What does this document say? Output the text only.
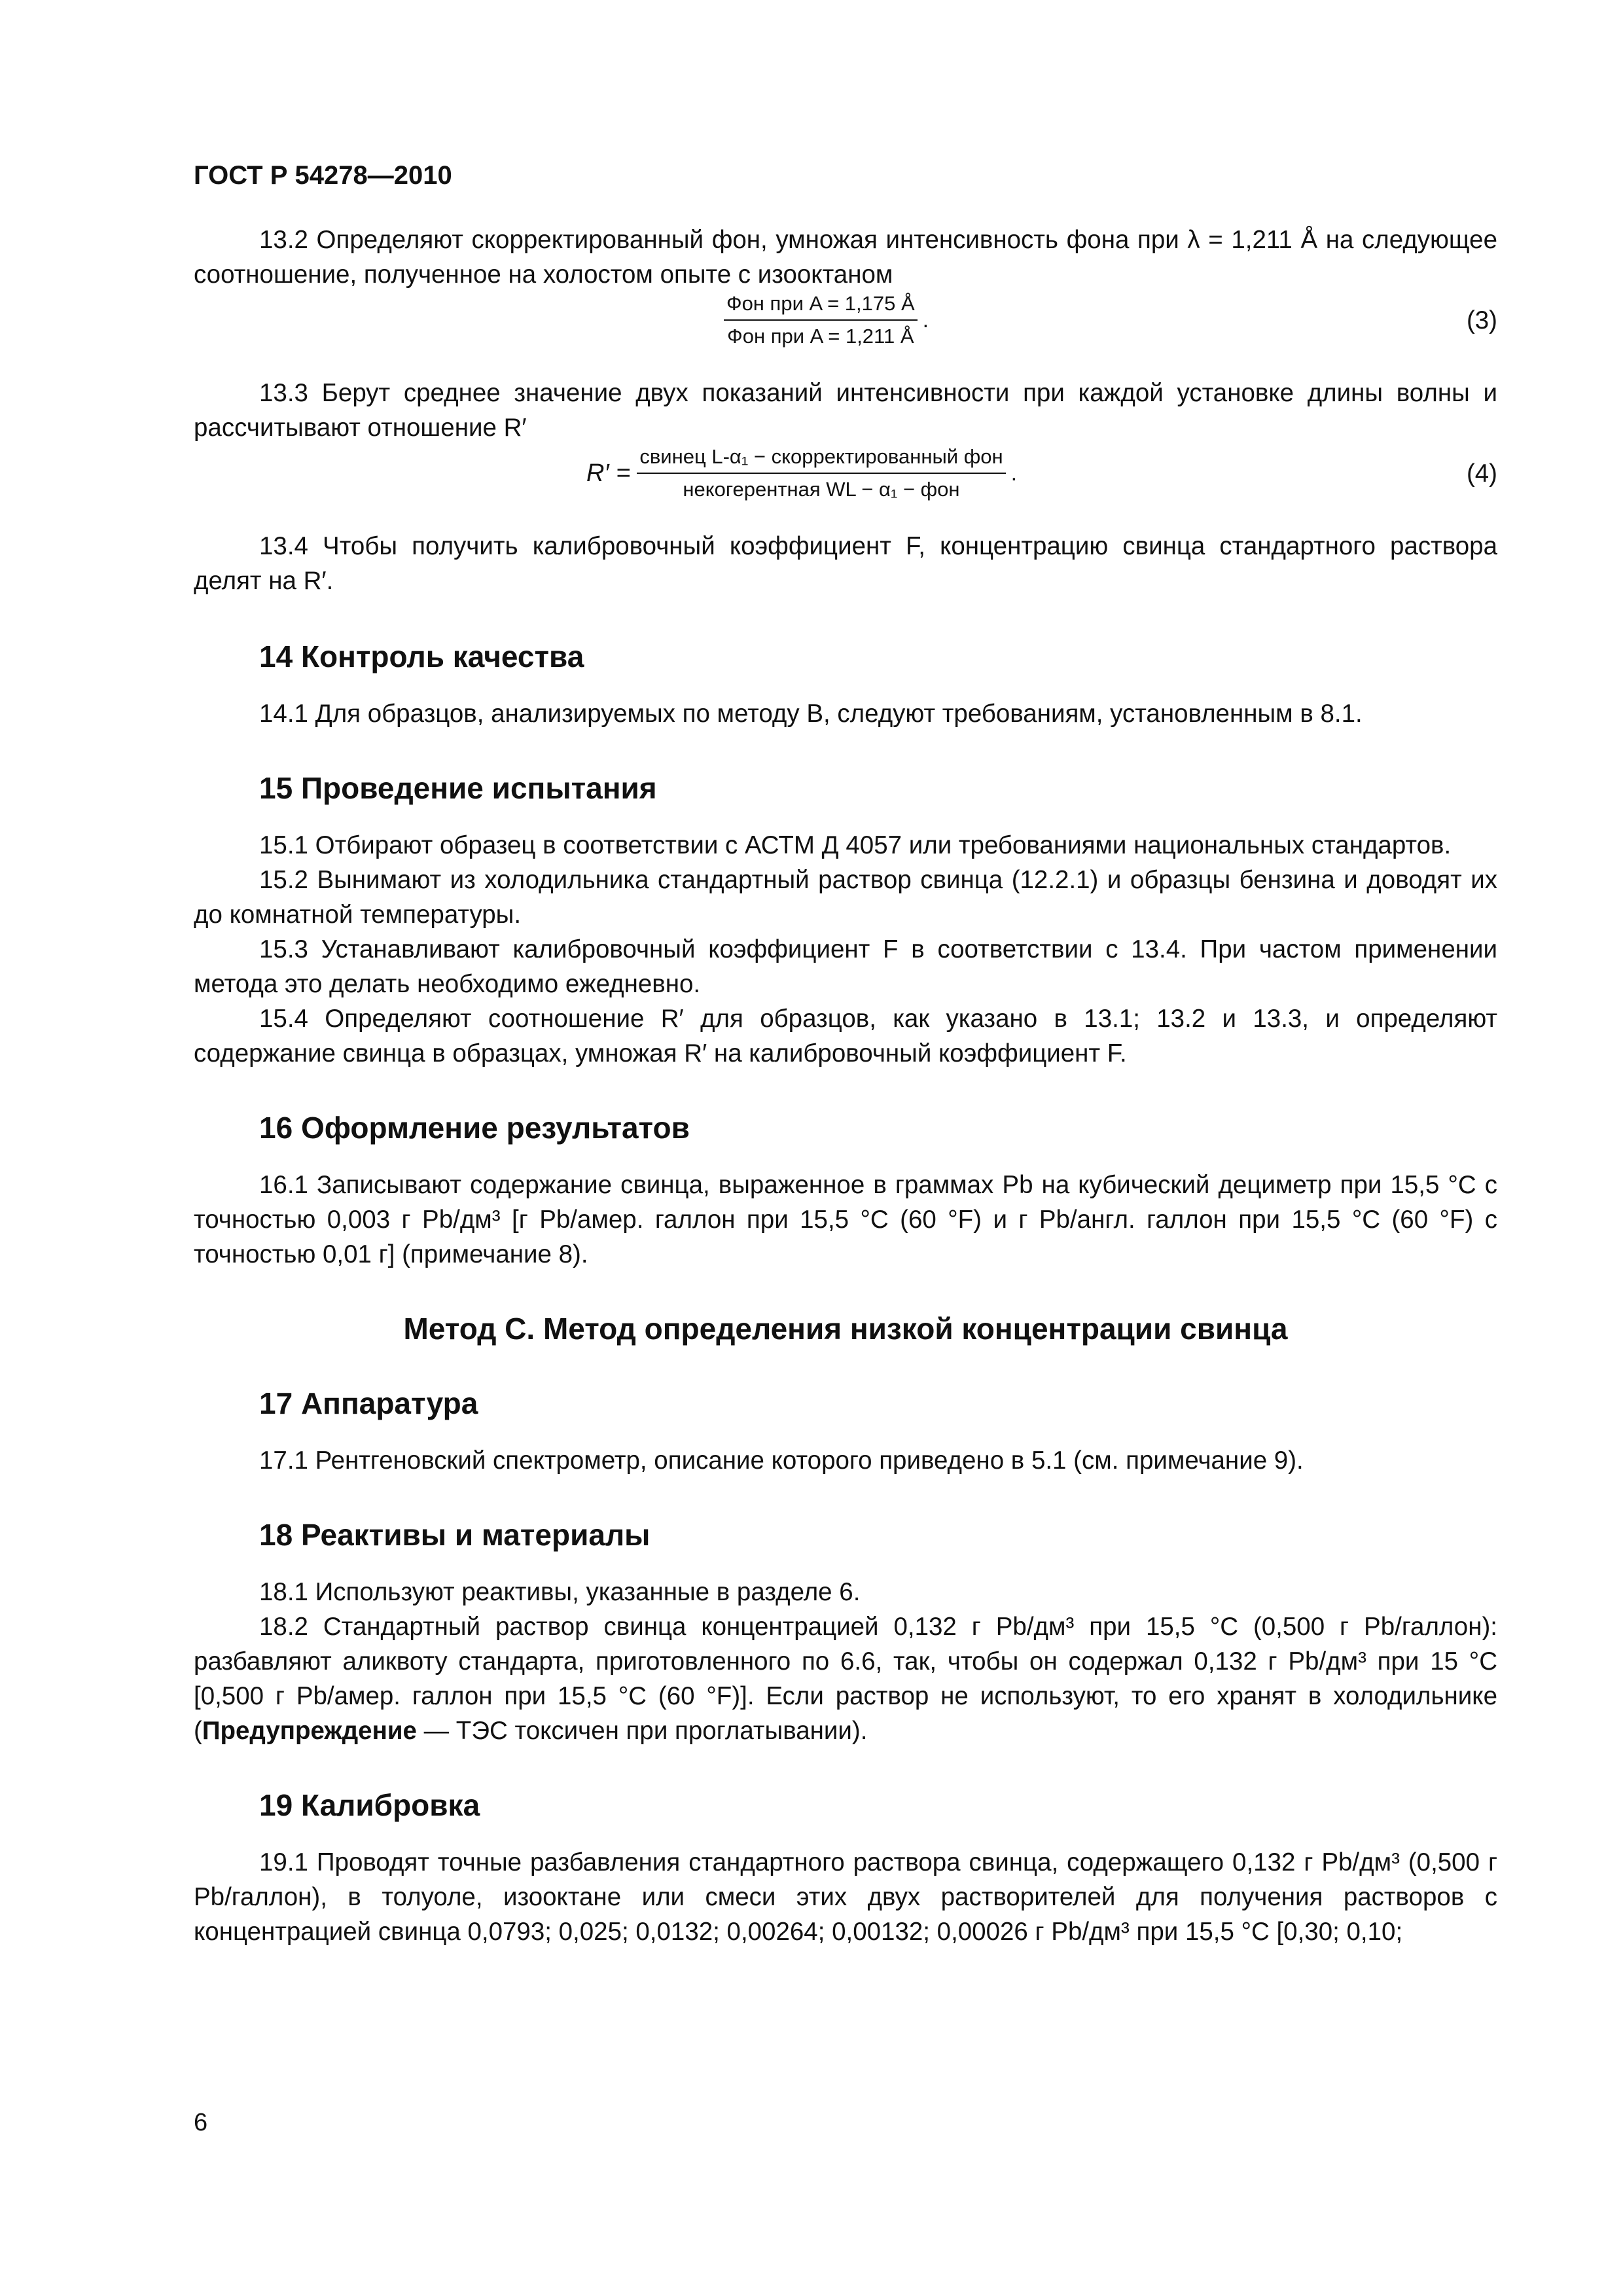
ГОСТ Р 54278—2010

13.2 Определяют скорректированный фон, умножая интенсивность фона при λ = 1,211 Å на следующее соотношение, полученное на холостом опыте с изооктаном

$\frac{\text{Фон при A = 1,175 Å}}{\text{Фон при A = 1,211 Å}}$ .	(3)

13.3 Берут среднее значение двух показаний интенсивности при каждой установке длины волны и рассчитывают отношение R′

$R' = \frac{\text{свинец L-α₁ − скорректированный фон}}{\text{некогерентная WL − α₁ − фон}}$ .	(4)

13.4 Чтобы получить калибровочный коэффициент F, концентрацию свинца стандартного раствора делят на R′.

14 Контроль качества

14.1 Для образцов, анализируемых по методу В, следуют требованиям, установленным в 8.1.

15 Проведение испытания

15.1 Отбирают образец в соответствии с АСТМ Д 4057 или требованиями национальных стандартов.

15.2 Вынимают из холодильника стандартный раствор свинца (12.2.1) и образцы бензина и доводят их до комнатной температуры.

15.3 Устанавливают калибровочный коэффициент F в соответствии с 13.4. При частом применении метода это делать необходимо ежедневно.

15.4 Определяют соотношение R′ для образцов, как указано в 13.1; 13.2 и 13.3, и определяют содержание свинца в образцах, умножая R′ на калибровочный коэффициент F.

16 Оформление результатов

16.1 Записывают содержание свинца, выраженное в граммах Pb на кубический дециметр при 15,5 °С с точностью 0,003 г Pb/дм³ [г Pb/амер. галлон при 15,5 °С (60 °F) и г Pb/англ. галлон при 15,5 °С (60 °F) с точностью 0,01 г] (примечание 8).

Метод С. Метод определения низкой концентрации свинца
17 Аппаратура

17.1 Рентгеновский спектрометр, описание которого приведено в 5.1 (см. примечание 9).

18 Реактивы и материалы

18.1 Используют реактивы, указанные в разделе 6.

18.2 Стандартный раствор свинца концентрацией 0,132 г Pb/дм³ при 15,5 °С (0,500 г Pb/галлон): разбавляют аликвоту стандарта, приготовленного по 6.6, так, чтобы он содержал 0,132 г Pb/дм³ при 15 °С [0,500 г Pb/амер. галлон при 15,5 °С (60 °F)]. Если раствор не используют, то его хранят в холодильнике (Предупреждение — ТЭС токсичен при проглатывании).

19 Калибровка

19.1 Проводят точные разбавления стандартного раствора свинца, содержащего 0,132 г Pb/дм³ (0,500 г Pb/галлон), в толуоле, изооктане или смеси этих двух растворителей для получения растворов с концентрацией свинца 0,0793; 0,025; 0,0132; 0,00264; 0,00132; 0,00026 г Pb/дм³ при 15,5 °С [0,30; 0,10;

6
